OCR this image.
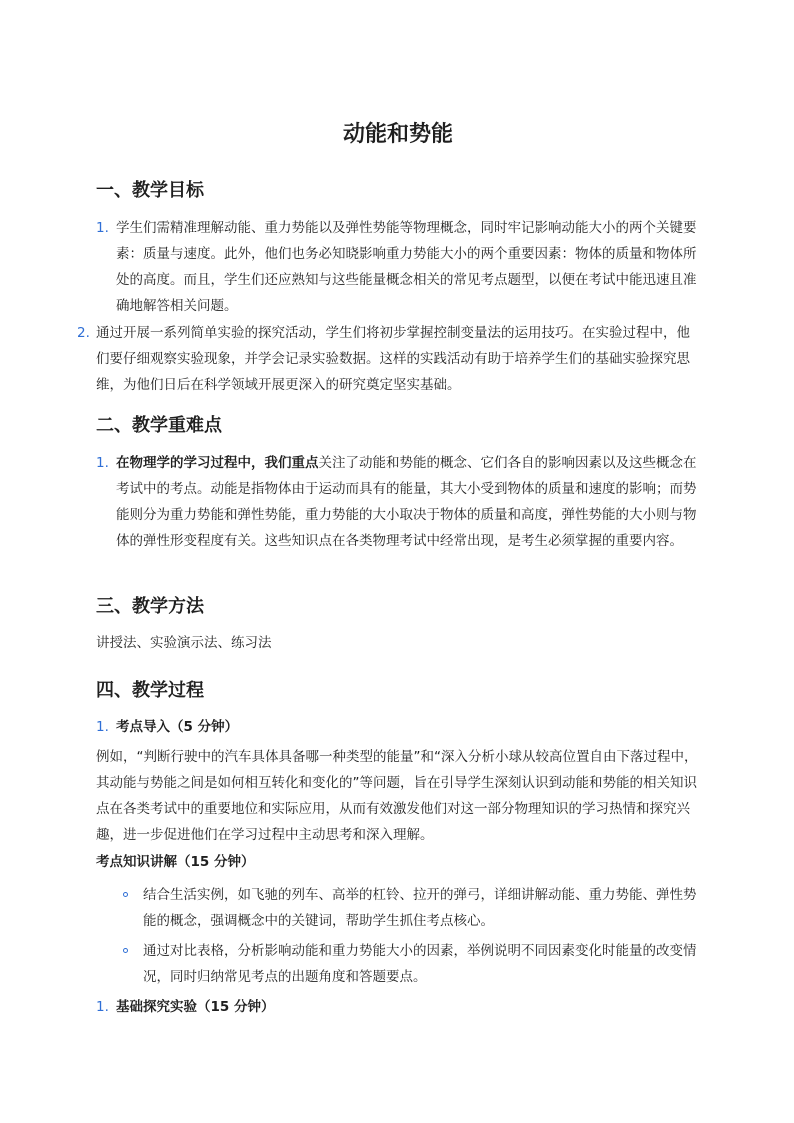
动能和势能
一、教学目标
1. 学生们需精准理解动能、重力势能以及弹性势能等物理概念，同时牢记影响动能大小的两个关键要素：质量与速度。此外，他们也务必知晓影响重力势能大小的两个重要因素：物体的质量和物体所处的高度。而且，学生们还应熟知与这些能量概念相关的常见考点题型，以便在考试中能迅速且准确地解答相关问题。
2. 通过开展一系列简单实验的探究活动，学生们将初步掌握控制变量法的运用技巧。在实验过程中，他们要仔细观察实验现象，并学会记录实验数据。这样的实践活动有助于培养学生们的基础实验探究思维，为他们日后在科学领域开展更深入的研究奠定坚实基础。
二、教学重难点
1. 在物理学的学习过程中，我们重点关注了动能和势能的概念、它们各自的影响因素以及这些概念在考试中的考点。动能是指物体由于运动而具有的能量，其大小受到物体的质量和速度的影响；而势能则分为重力势能和弹性势能，重力势能的大小取决于物体的质量和高度，弹性势能的大小则与物体的弹性形变程度有关。这些知识点在各类物理考试中经常出现，是考生必须掌握的重要内容。
三、教学方法
讲授法、实验演示法、练习法
四、教学过程
1. 考点导入（5 分钟）
例如，“判断行驶中的汽车具体具备哪一种类型的能量”和“深入分析小球从较高位置自由下落过程中，其动能与势能之间是如何相互转化和变化的”等问题，旨在引导学生深刻认识到动能和势能的相关知识点在各类考试中的重要地位和实际应用，从而有效激发他们对这一部分物理知识的学习热情和探究兴趣，进一步促进他们在学习过程中主动思考和深入理解。
考点知识讲解（15 分钟）
结合生活实例，如飞驰的列车、高举的杠铃、拉开的弹弓，详细讲解动能、重力势能、弹性势能的概念，强调概念中的关键词，帮助学生抓住考点核心。
通过对比表格，分析影响动能和重力势能大小的因素，举例说明不同因素变化时能量的改变情况，同时归纳常见考点的出题角度和答题要点。
1. 基础探究实验（15 分钟）
